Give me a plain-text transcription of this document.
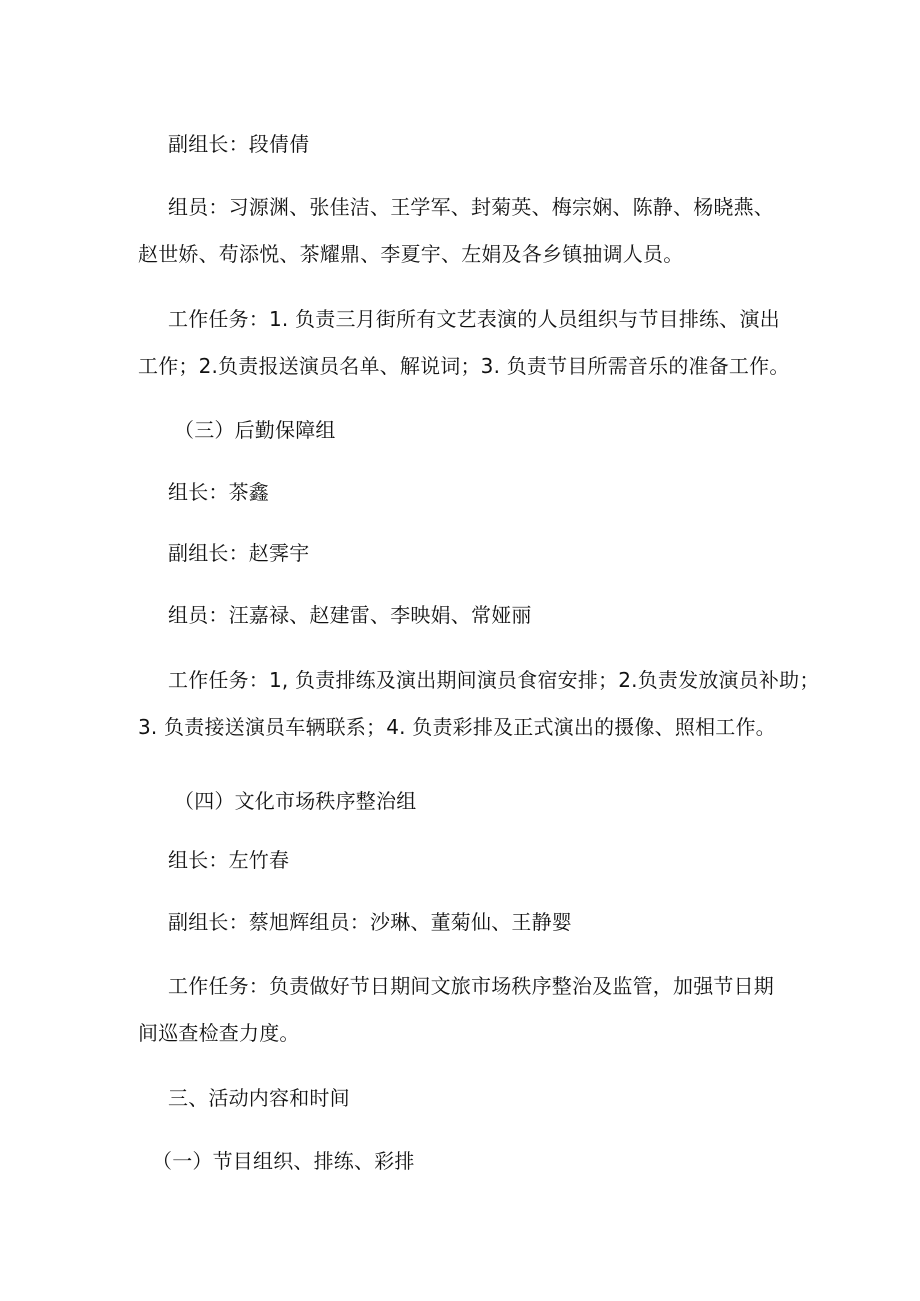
副组长：段倩倩
组员：习源渊、张佳洁、王学军、封菊英、梅宗娴、陈静、杨晓燕、
赵世娇、苟添悦、茶耀鼎、李夏宇、左娟及各乡镇抽调人员。
工作任务：1. 负责三月街所有文艺表演的人员组织与节目排练、演出
工作；2.负责报送演员名单、解说词；3. 负责节目所需音乐的准备工作。
（三）后勤保障组
组长：茶鑫
副组长：赵霁宇
组员：汪嘉禄、赵建雷、李映娟、常娅丽
工作任务：1, 负责排练及演出期间演员食宿安排；2.负责发放演员补助；
3. 负责接送演员车辆联系；4. 负责彩排及正式演出的摄像、照相工作。
（四）文化市场秩序整治组
组长：左竹春
副组长：蔡旭辉组员：沙琳、董菊仙、王静婴
工作任务：负责做好节日期间文旅市场秩序整治及监管，加强节日期
间巡查检查力度。
三、活动内容和时间
（一）节目组织、排练、彩排
